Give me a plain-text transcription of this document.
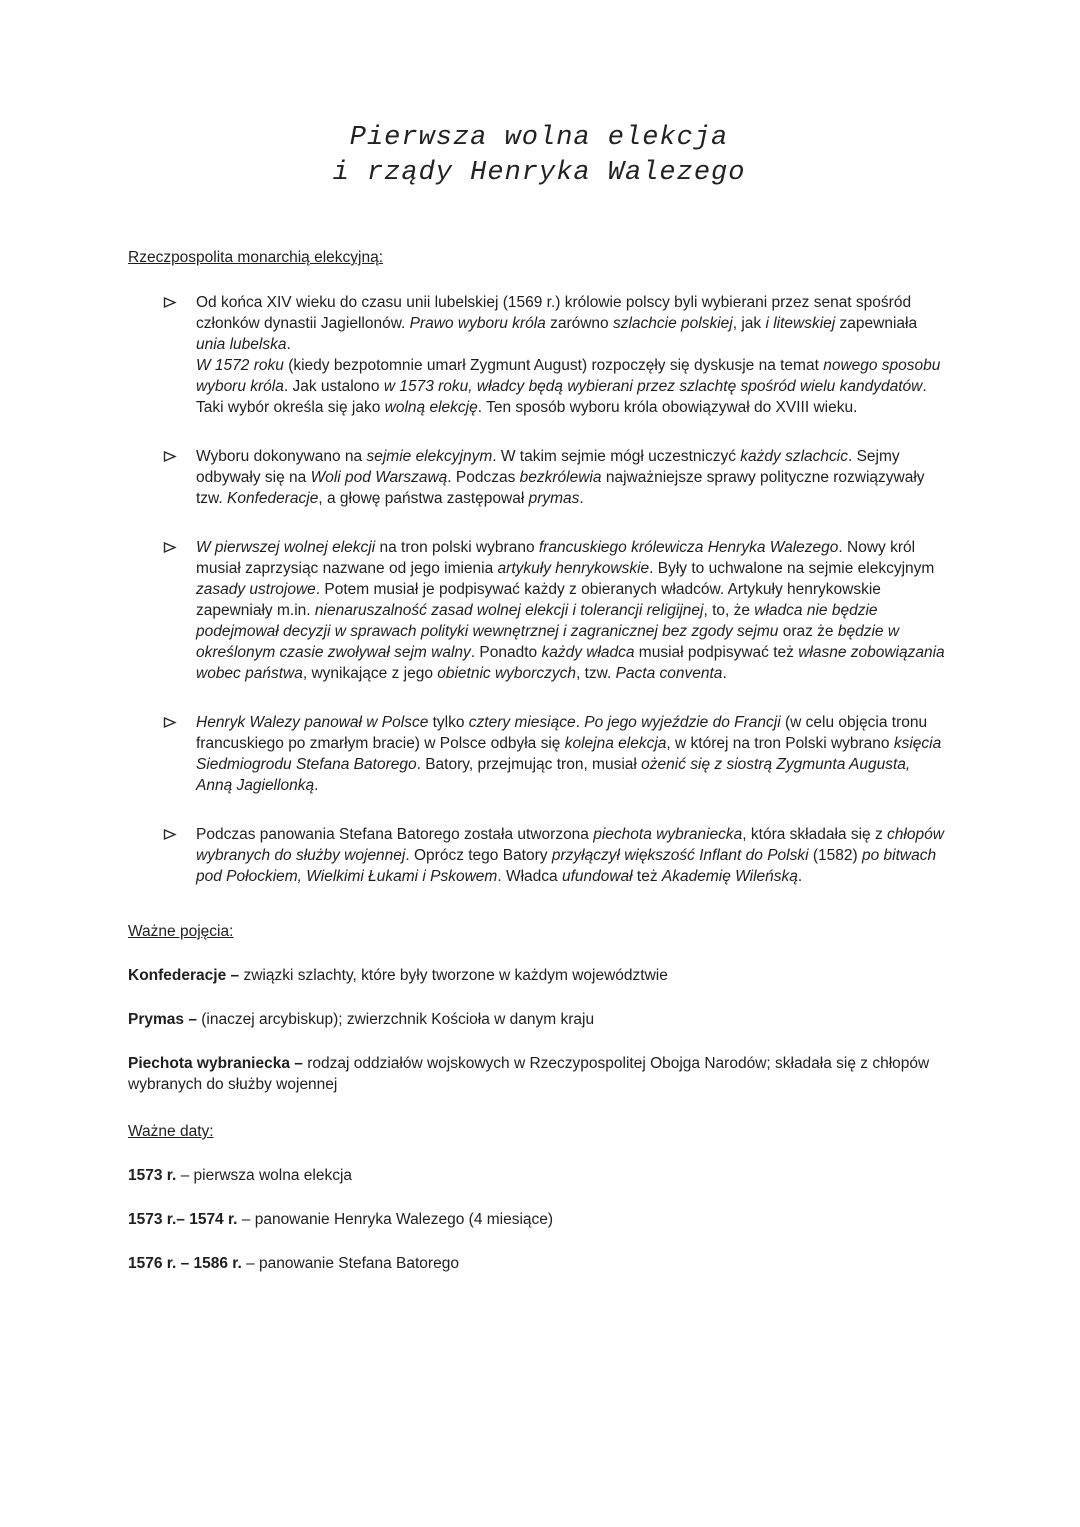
Pierwsza wolna elekcja
i rządy Henryka Walezego

Rzeczpospolita monarchią elekcyjną:

Od końca XIV wieku do czasu unii lubelskiej (1569 r.) królowie polscy byli wybierani przez senat spośród członków dynastii Jagiellonów. Prawo wyboru króla zarówno szlachcie polskiej, jak i litewskiej zapewniała unia lubelska.
W 1572 roku (kiedy bezpotomnie umarł Zygmunt August) rozpoczęły się dyskusje na temat nowego sposobu wyboru króla. Jak ustalono w 1573 roku, władcy będą wybierani przez szlachtę spośród wielu kandydatów. Taki wybór określa się jako wolną elekcję. Ten sposób wyboru króla obowiązywał do XVIII wieku.
Wyboru dokonywano na sejmie elekcyjnym. W takim sejmie mógł uczestniczyć każdy szlachcic. Sejmy odbywały się na Woli pod Warszawą. Podczas bezkrólewia najważniejsze sprawy polityczne rozwiązywały tzw. Konfederacje, a głowę państwa zastępował prymas.
W pierwszej wolnej elekcji na tron polski wybrano francuskiego królewicza Henryka Walezego. Nowy król musiał zaprzysiąc nazwane od jego imienia artykuły henrykowskie. Były to uchwalone na sejmie elekcyjnym zasady ustrojowe. Potem musiał je podpisywać każdy z obieranych władców. Artykuły henrykowskie zapewniały m.in. nienaruszalność zasad wolnej elekcji i tolerancji religijnej, to, że władca nie będzie podejmował decyzji w sprawach polityki wewnętrznej i zagranicznej bez zgody sejmu oraz że będzie w określonym czasie zwoływał sejm walny. Ponadto każdy władca musiał podpisywać też własne zobowiązania wobec państwa, wynikające z jego obietnic wyborczych, tzw. Pacta conventa.
Henryk Walezy panował w Polsce tylko cztery miesiące. Po jego wyjeździe do Francji (w celu objęcia tronu francuskiego po zmarłym bracie) w Polsce odbyła się kolejna elekcja, w której na tron Polski wybrano księcia Siedmiogrodu Stefana Batorego. Batory, przejmując tron, musiał ożenić się z siostrą Zygmunta Augusta, Anną Jagiellonką.
Podczas panowania Stefana Batorego została utworzona piechota wybraniecka, która składała się z chłopów wybranych do służby wojennej. Oprócz tego Batory przyłączył większość Inflant do Polski (1582) po bitwach pod Połockiem, Wielkimi Łukami i Pskowem. Władca ufundował też Akademię Wileńską.

Ważne pojęcia:

Konfederacje – związki szlachty, które były tworzone w każdym województwie

Prymas – (inaczej arcybiskup); zwierzchnik Kościoła w danym kraju

Piechota wybraniecka – rodzaj oddziałów wojskowych w Rzeczypospolitej Obojga Narodów; składała się z chłopów wybranych do służby wojennej

Ważne daty:

1573 r. – pierwsza wolna elekcja

1573 r.– 1574 r. – panowanie Henryka Walezego (4 miesiące)

1576 r. – 1586 r. – panowanie Stefana Batorego
